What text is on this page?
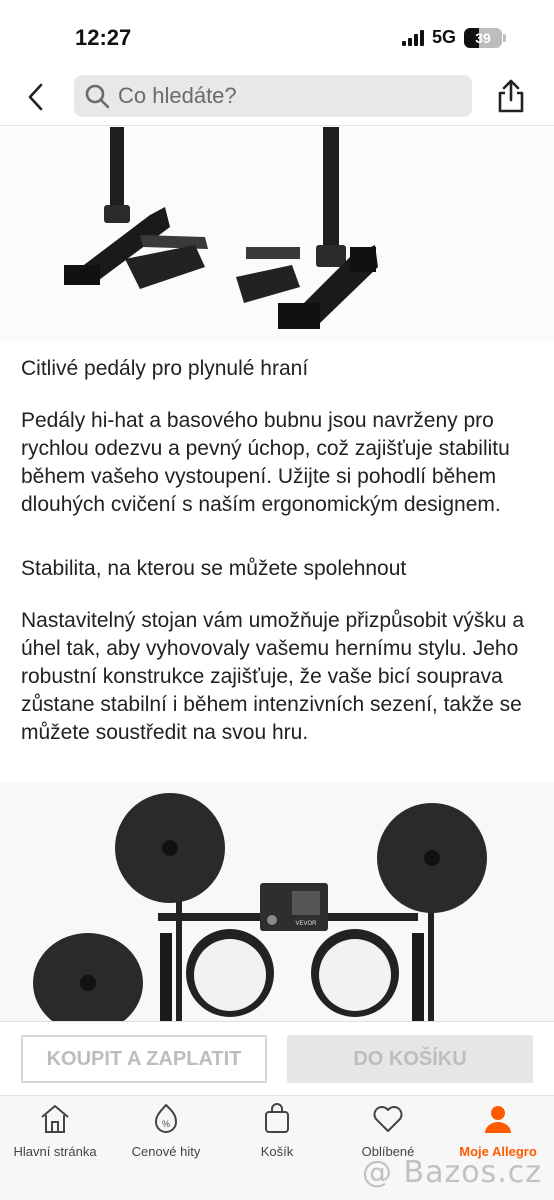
12:27	5G 39
Co hledáte?
Citlivé pedály pro plynulé hraní
Pedály hi-hat a basového bubnu jsou navrženy pro rychlou odezvu a pevný úchop, což zajišťuje stabilitu během vašeho vystoupení. Užijte si pohodlí během dlouhých cvičení s naším ergonomickým designem.
Stabilita, na kterou se můžete spolehnout
Nastavitelný stojan vám umožňuje přizpůsobit výšku a úhel tak, aby vyhovovaly vašemu hernímu stylu. Jeho robustní konstrukce zajišťuje, že vaše bicí souprava zůstane stabilní i během intenzivních sezení, takže se můžete soustředit na svou hru.
VEVOR
KOUPIT A ZAPLATIT	DO KOŠÍKU
Hlavní stránka
%
Cenové hity	Košík	Oblíbené	Moje Allegro
@ Bazos.cz
